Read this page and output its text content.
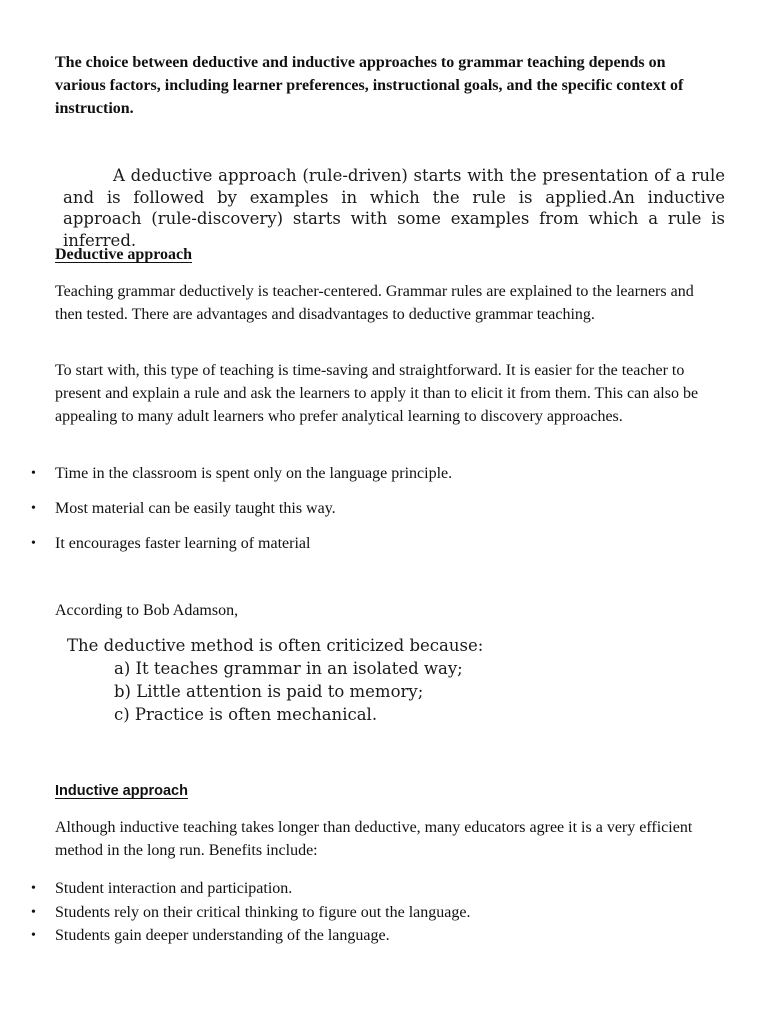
The choice between deductive and inductive approaches to grammar teaching depends on various factors, including learner preferences, instructional goals, and the specific context of instruction.
A deductive approach (rule-driven) starts with the presentation of a rule and is followed by examples in which the rule is applied.An inductive approach (rule-discovery) starts with some examples from which a rule is inferred.
Deductive approach
Teaching grammar deductively is teacher-centered. Grammar rules are explained to the learners and then tested. There are advantages and disadvantages to deductive grammar teaching.
To start with, this type of teaching is time-saving and straightforward. It is easier for the teacher to present and explain a rule and ask the learners to apply it than to elicit it from them. This can also be appealing to many adult learners who prefer analytical learning to discovery approaches.
• Time in the classroom is spent only on the language principle.
• Most material can be easily taught this way.
• It encourages faster learning of material
According to Bob Adamson,
The deductive method is often criticized because:
a) It teaches grammar in an isolated way;
b) Little attention is paid to memory;
c) Practice is often mechanical.
Inductive approach
Although inductive teaching takes longer than deductive, many educators agree it is a very efficient method in the long run. Benefits include:
• Student interaction and participation.
• Students rely on their critical thinking to figure out the language.
• Students gain deeper understanding of the language.
